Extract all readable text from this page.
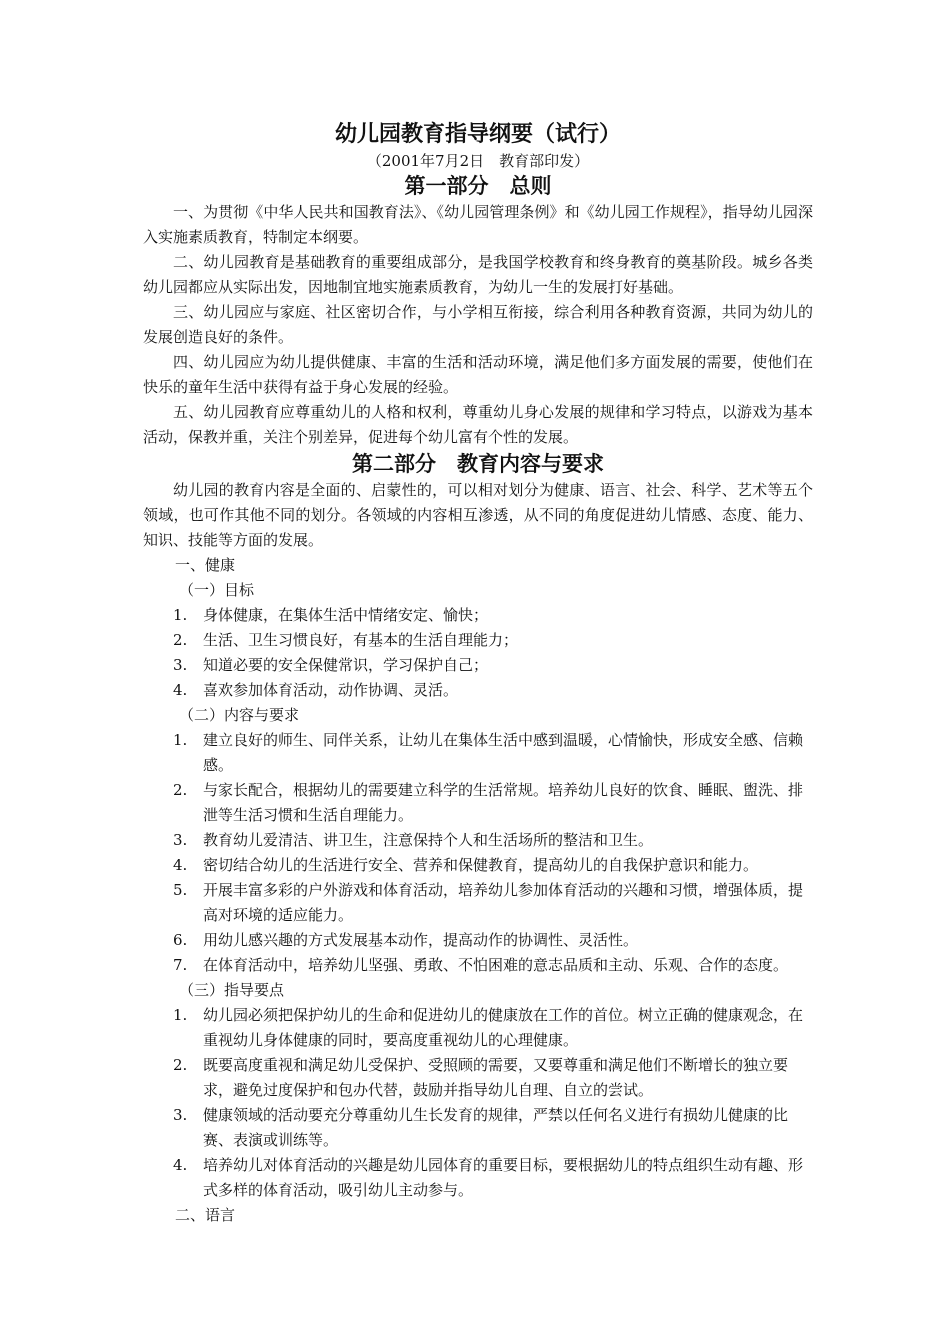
幼儿园教育指导纲要（试行）

（2001年7月2日　教育部印发）

第一部分　总则

一、为贯彻《中华人民共和国教育法》、《幼儿园管理条例》和《幼儿园工作规程》，指导幼儿园深入实施素质教育，特制定本纲要。

二、幼儿园教育是基础教育的重要组成部分，是我国学校教育和终身教育的奠基阶段。城乡各类幼儿园都应从实际出发，因地制宜地实施素质教育，为幼儿一生的发展打好基础。

三、幼儿园应与家庭、社区密切合作，与小学相互衔接，综合利用各种教育资源，共同为幼儿的发展创造良好的条件。

四、幼儿园应为幼儿提供健康、丰富的生活和活动环境，满足他们多方面发展的需要，使他们在快乐的童年生活中获得有益于身心发展的经验。

五、幼儿园教育应尊重幼儿的人格和权利，尊重幼儿身心发展的规律和学习特点，以游戏为基本活动，保教并重，关注个别差异，促进每个幼儿富有个性的发展。

第二部分　教育内容与要求

幼儿园的教育内容是全面的、启蒙性的，可以相对划分为健康、语言、社会、科学、艺术等五个领域，也可作其他不同的划分。各领域的内容相互渗透，从不同的角度促进幼儿情感、态度、能力、知识、技能等方面的发展。

一、健康

（一）目标

1. 身体健康，在集体生活中情绪安定、愉快；
2. 生活、卫生习惯良好，有基本的生活自理能力；
3. 知道必要的安全保健常识，学习保护自己；
4. 喜欢参加体育活动，动作协调、灵活。

（二）内容与要求

1. 建立良好的师生、同伴关系，让幼儿在集体生活中感到温暖，心情愉快，形成安全感、信赖感。
2. 与家长配合，根据幼儿的需要建立科学的生活常规。培养幼儿良好的饮食、睡眠、盥洗、排泄等生活习惯和生活自理能力。
3. 教育幼儿爱清洁、讲卫生，注意保持个人和生活场所的整洁和卫生。
4. 密切结合幼儿的生活进行安全、营养和保健教育，提高幼儿的自我保护意识和能力。
5. 开展丰富多彩的户外游戏和体育活动，培养幼儿参加体育活动的兴趣和习惯，增强体质，提高对环境的适应能力。
6. 用幼儿感兴趣的方式发展基本动作，提高动作的协调性、灵活性。
7. 在体育活动中，培养幼儿坚强、勇敢、不怕困难的意志品质和主动、乐观、合作的态度。

（三）指导要点

1. 幼儿园必须把保护幼儿的生命和促进幼儿的健康放在工作的首位。树立正确的健康观念，在重视幼儿身体健康的同时，要高度重视幼儿的心理健康。
2. 既要高度重视和满足幼儿受保护、受照顾的需要，又要尊重和满足他们不断增长的独立要求，避免过度保护和包办代替，鼓励并指导幼儿自理、自立的尝试。
3. 健康领域的活动要充分尊重幼儿生长发育的规律，严禁以任何名义进行有损幼儿健康的比赛、表演或训练等。
4. 培养幼儿对体育活动的兴趣是幼儿园体育的重要目标，要根据幼儿的特点组织生动有趣、形式多样的体育活动，吸引幼儿主动参与。

二、语言
